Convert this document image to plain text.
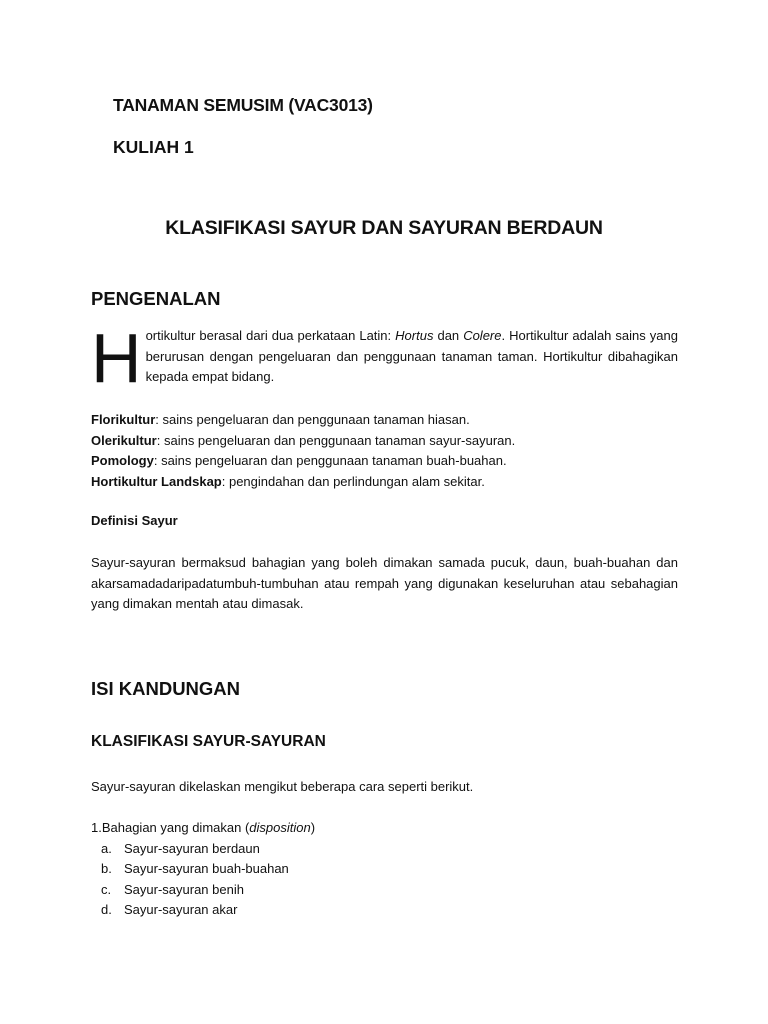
TANAMAN SEMUSIM (VAC3013)
KULIAH 1
KLASIFIKASI SAYUR DAN SAYURAN BERDAUN
PENGENALAN
H ortikultur berasal dari dua perkataan Latin: Hortus dan Colere. Hortikultur adalah sains yang berurusan dengan pengeluaran dan penggunaan tanaman taman. Hortikultur dibahagikan kepada empat bidang.

Florikultur: sains pengeluaran dan penggunaan tanaman hiasan.
Olerikultur: sains pengeluaran dan penggunaan tanaman sayur-sayuran.
Pomology: sains pengeluaran dan penggunaan tanaman buah-buahan.
Hortikultur Landskap: pengindahan dan perlindungan alam sekitar.
Definisi Sayur
Sayur-sayuran bermaksud bahagian yang boleh dimakan samada pucuk, daun, buah-buahan dan akarsamadadaripadatumbuh-tumbuhan atau rempah yang digunakan keseluruhan atau sebahagian yang dimakan mentah atau dimasak.
ISI KANDUNGAN
KLASIFIKASI SAYUR-SAYURAN
Sayur-sayuran dikelaskan mengikut beberapa cara seperti berikut.
1.Bahagian yang dimakan (disposition)
a. Sayur-sayuran berdaun
b. Sayur-sayuran buah-buahan
c. Sayur-sayuran benih
d. Sayur-sayuran akar
